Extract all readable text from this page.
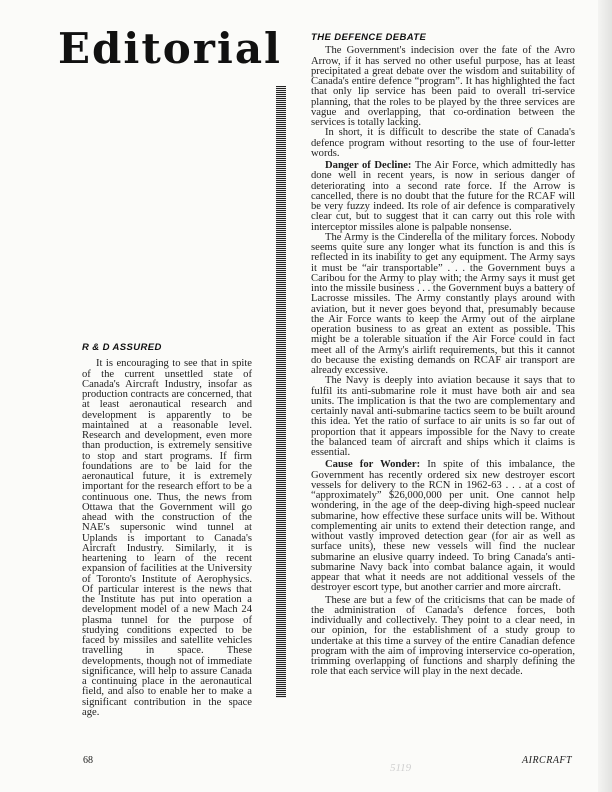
Editorial
R & D ASSURED

It is encouraging to see that in spite of the current unsettled state of Canada's Aircraft Industry, insofar as production contracts are concerned, that at least aeronautical research and development is apparently to be maintained at a reasonable level. Research and development, even more than production, is extremely sensitive to stop and start programs. If firm foundations are to be laid for the aeronautical future, it is extremely important for the research effort to be a continuous one. Thus, the news from Ottawa that the Government will go ahead with the construction of the NAE's supersonic wind tunnel at Uplands is important to Canada's Aircraft Industry. Similarly, it is heartening to learn of the recent expansion of facilities at the University of Toronto's Institute of Aerophysics. Of particular interest is the news that the Institute has put into operation a development model of a new Mach 24 plasma tunnel for the purpose of studying conditions expected to be faced by missiles and satellite vehicles travelling in space. These developments, though not of immediate significance, will help to assure Canada a continuing place in the aeronautical field, and also to enable her to make a significant contribution in the space age.

THE DEFENCE DEBATE

The Government's indecision over the fate of the Avro Arrow, if it has served no other useful purpose, has at least precipitated a great debate over the wisdom and suitability of Canada's entire defence “program”. It has highlighted the fact that only lip service has been paid to overall tri-service planning, that the roles to be played by the three services are vague and overlapping, that co-ordination between the services is totally lacking.

In short, it is difficult to describe the state of Canada's defence program without resorting to the use of four-letter words.

Danger of Decline: The Air Force, which admittedly has done well in recent years, is now in serious danger of deteriorating into a second rate force. If the Arrow is cancelled, there is no doubt that the future for the RCAF will be very fuzzy indeed. Its role of air defence is comparatively clear cut, but to suggest that it can carry out this role with interceptor missiles alone is palpable nonsense.

The Army is the Cinderella of the military forces. Nobody seems quite sure any longer what its function is and this is reflected in its inability to get any equipment. The Army says it must be “air transportable” . . . the Government buys a Caribou for the Army to play with; the Army says it must get into the missile business . . . the Government buys a battery of Lacrosse missiles. The Army constantly plays around with aviation, but it never goes beyond that, presumably because the Air Force wants to keep the Army out of the airplane operation business to as great an extent as possible. This might be a tolerable situation if the Air Force could in fact meet all of the Army's airlift requirements, but this it cannot do because the existing demands on RCAF air transport are already excessive.

The Navy is deeply into aviation because it says that to fulfil its anti-submarine role it must have both air and sea units. The implication is that the two are complementary and certainly naval anti-submarine tactics seem to be built around this idea. Yet the ratio of surface to air units is so far out of proportion that it appears impossible for the Navy to create the balanced team of aircraft and ships which it claims is essential.

Cause for Wonder: In spite of this imbalance, the Government has recently ordered six new destroyer escort vessels for delivery to the RCN in 1962-63 . . . at a cost of “approximately” $26,000,000 per unit. One cannot help wondering, in the age of the deep-diving high-speed nuclear submarine, how effective these surface units will be. Without complementing air units to extend their detection range, and without vastly improved detection gear (for air as well as surface units), these new vessels will find the nuclear submarine an elusive quarry indeed. To bring Canada's anti-submarine Navy back into combat balance again, it would appear that what it needs are not additional vessels of the destroyer escort type, but another carrier and more aircraft.

These are but a few of the criticisms that can be made of the administration of Canada's defence forces, both individually and collectively. They point to a clear need, in our opinion, for the establishment of a study group to undertake at this time a survey of the entire Canadian defence program with the aim of improving interservice co-operation, trimming overlapping of functions and sharply defining the role that each service will play in the next decade.

68
5119
AIRCRAFT
